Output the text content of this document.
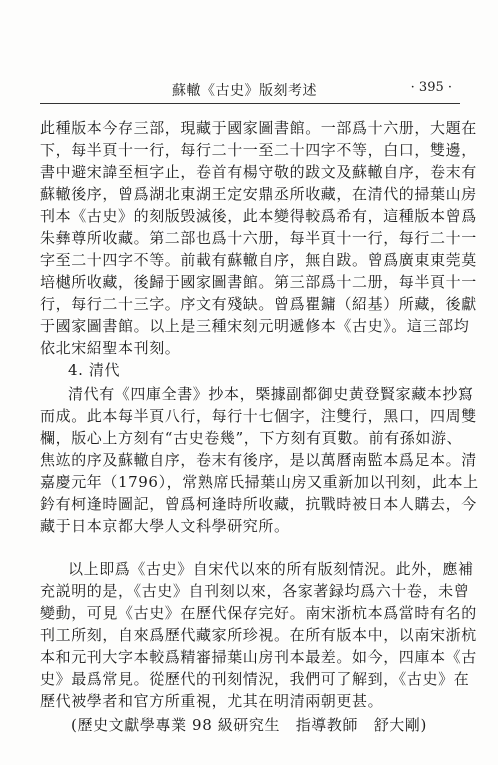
蘇轍《古史》版刻考述	· 395 ·
此種版本今存三部，現藏于國家圖書館。一部爲十六册，大題在
下，每半頁十一行，每行二十一至二十四字不等，白口，雙邊，
書中避宋諱至桓字止，卷首有楊守敬的跋文及蘇轍自序，卷末有
蘇轍後序，曾爲湖北東湖王定安鼎丞所收藏，在清代的掃葉山房
刊本《古史》的刻版毁滅後，此本變得較爲希有，這種版本曾爲
朱彝尊所收藏。第二部也爲十六册，每半頁十一行，每行二十一
字至二十四字不等。前載有蘇轍自序，無自跋。曾爲廣東東莞莫
培樾所收藏，後歸于國家圖書館。第三部爲十二册，每半頁十一
行，每行二十三字。序文有殘缺。曾爲瞿鏞（紹基）所藏，後獻
于國家圖書館。以上是三種宋刻元明遞修本《古史》。這三部均
依北宋紹聖本刊刻。
4. 清代
清代有《四庫全書》抄本，槩據副都御史黄登賢家藏本抄寫
而成。此本每半頁八行，每行十七個字，注雙行，黑口，四周雙
欄，版心上方刻有“古史卷幾”，下方刻有頁數。前有孫如游、
焦竑的序及蘇轍自序，卷末有後序，是以萬曆南監本爲足本。清
嘉慶元年（1796），常熟席氏掃葉山房又重新加以刊刻，此本上
鈐有柯逢時圖記，曾爲柯逢時所收藏，抗戰時被日本人購去，今
藏于日本京都大學人文科學研究所。
以上即爲《古史》自宋代以來的所有版刻情況。此外，應補
充説明的是，《古史》自刊刻以來，各家著録均爲六十卷，未曾
變動，可見《古史》在歷代保存完好。南宋浙杭本爲當時有名的
刊工所刻，自來爲歷代藏家所珍視。在所有版本中，以南宋浙杭
本和元刊大字本較爲精審掃葉山房刊本最差。如今，四庫本《古
史》最爲常見。從歷代的刊刻情況，我們可了解到，《古史》在
歷代被學者和官方所重視，尤其在明清兩朝更甚。
(歷史文獻學專業 98 級研究生　指導教師　舒大剛)
